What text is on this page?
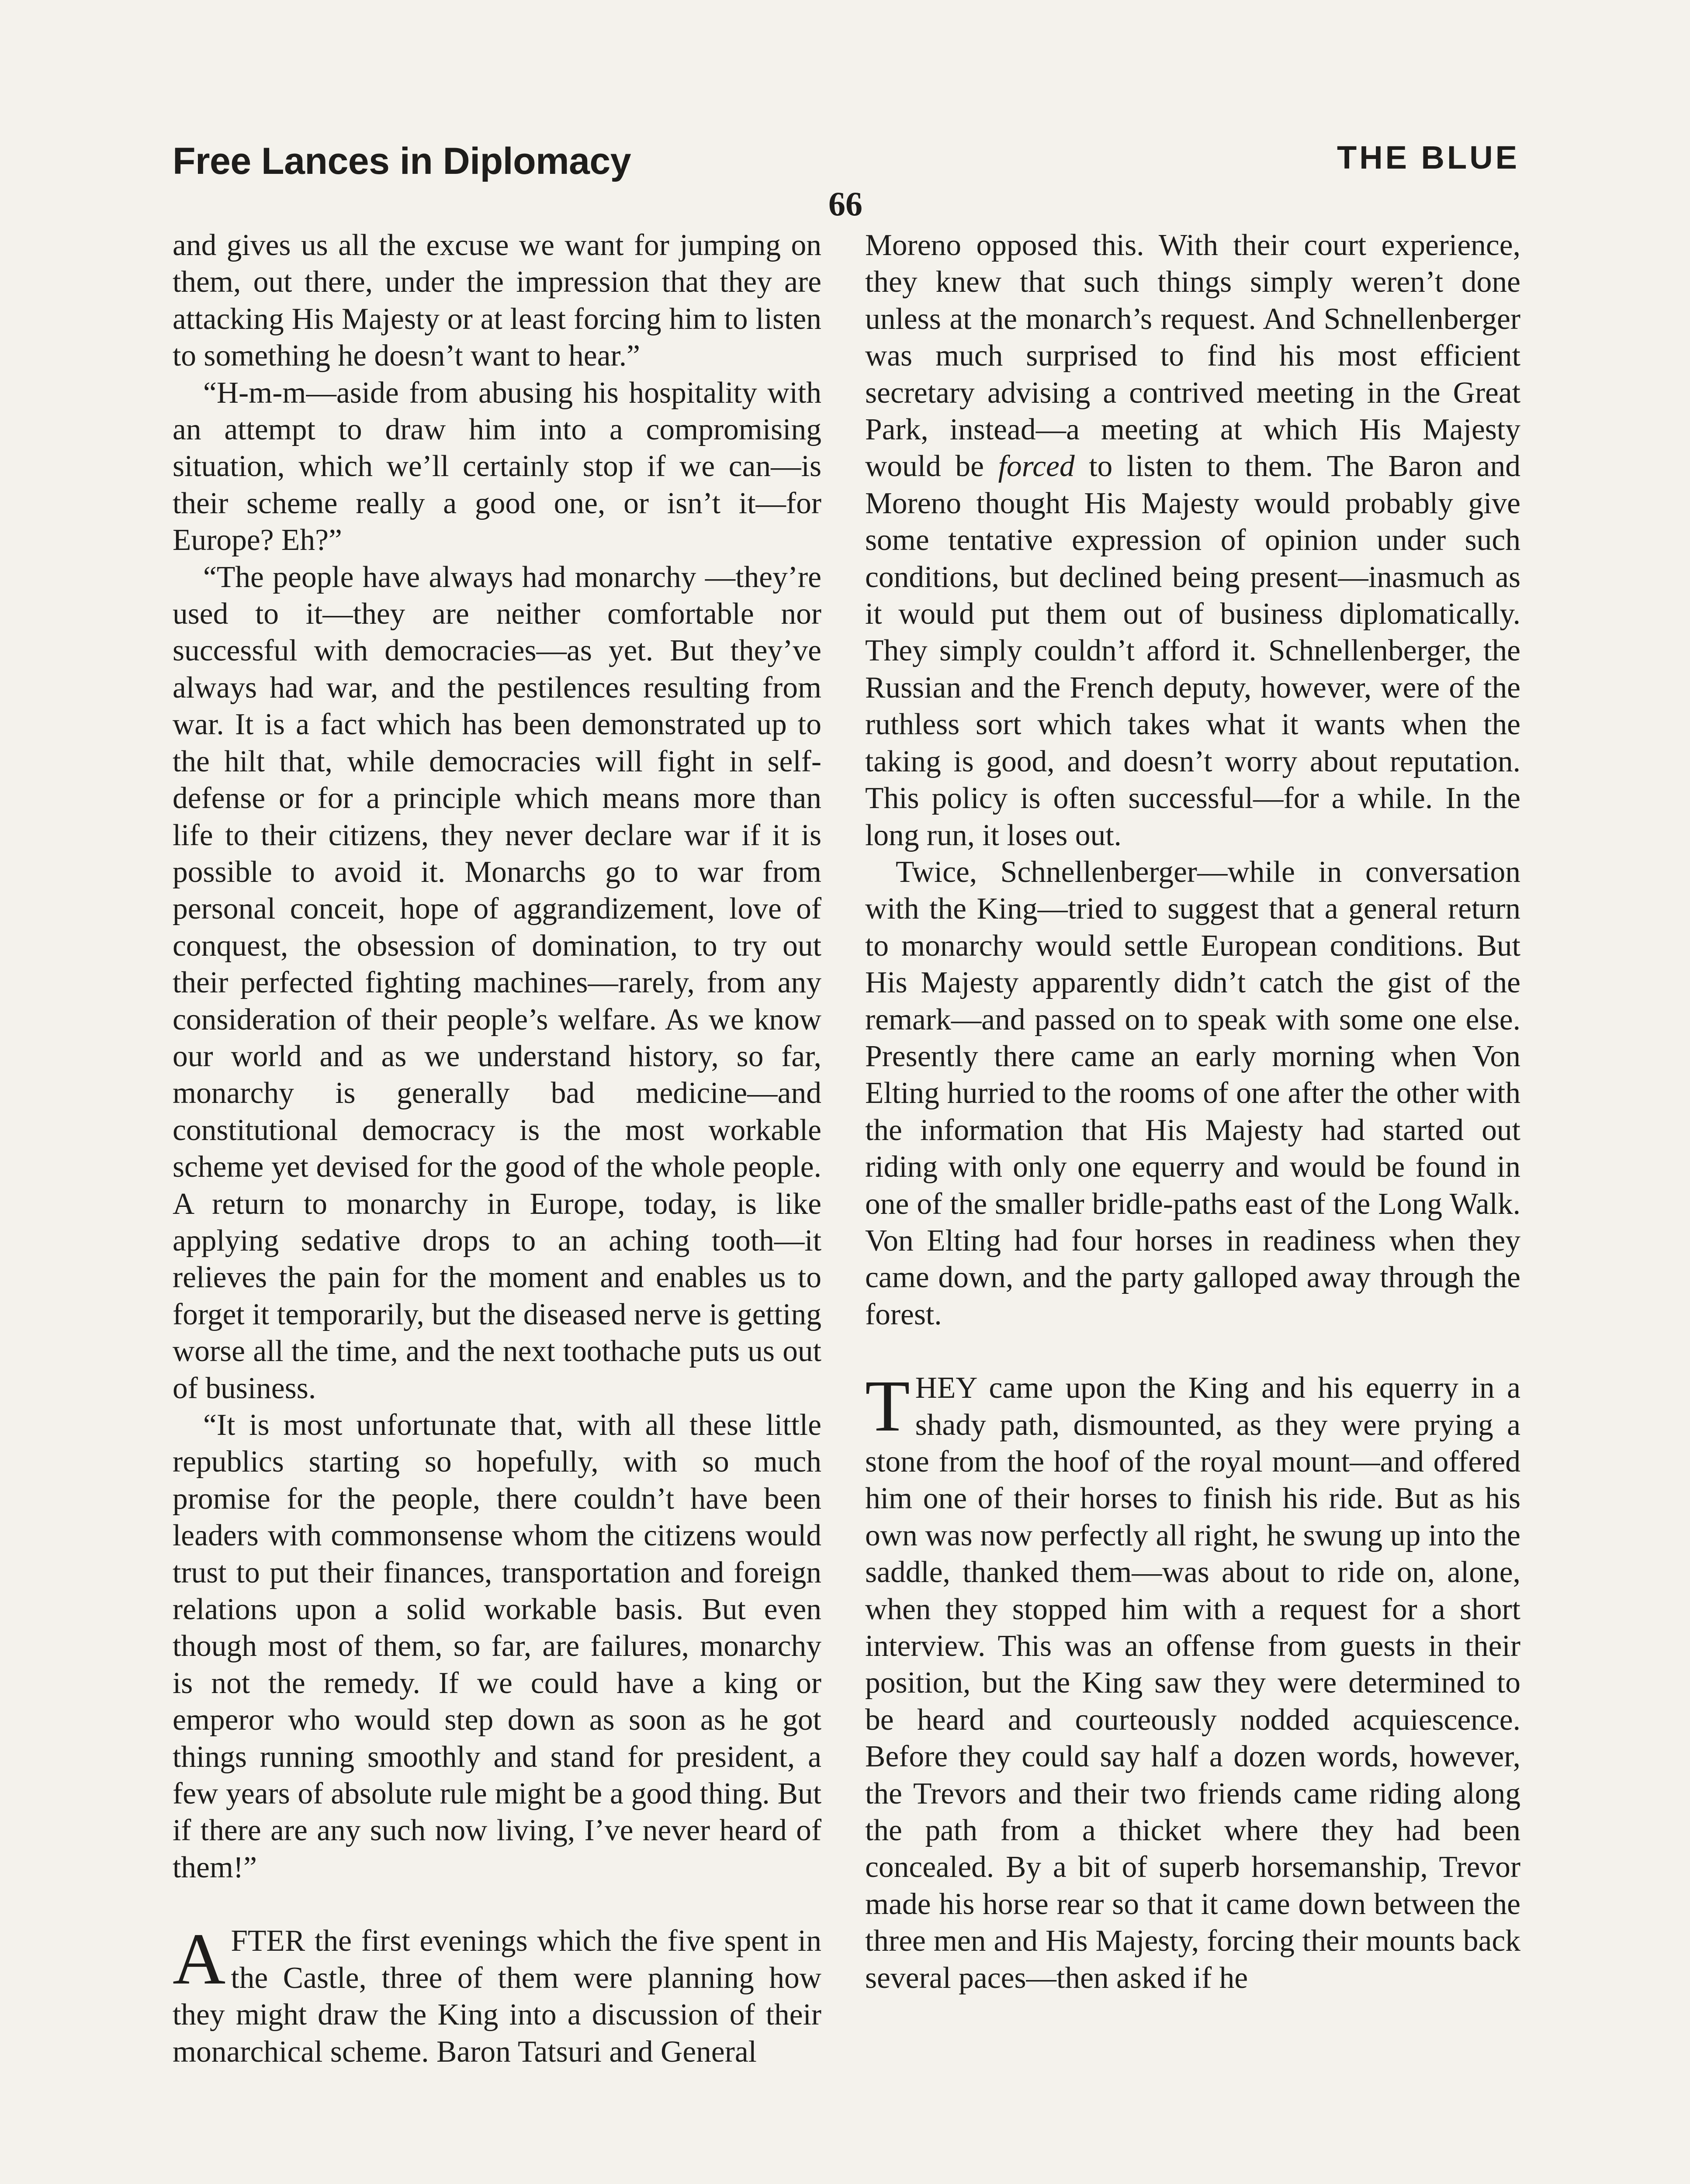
Free Lances in Diplomacy	THE BLUE
66

and gives us all the excuse we want for jumping on them, out there, under the impression that they are attacking His Majesty or at least forcing him to listen to something he doesn’t want to hear.”

“H-m-m—aside from abusing his hospitality with an attempt to draw him into a compromising situation, which we’ll certainly stop if we can—is their scheme really a good one, or isn’t it—for Europe? Eh?”

“The people have always had monarchy —they’re used to it—they are neither comfortable nor successful with democracies—as yet. But they’ve always had war, and the pestilences resulting from war. It is a fact which has been demonstrated up to the hilt that, while democracies will fight in self-defense or for a principle which means more than life to their citizens, they never declare war if it is possible to avoid it. Monarchs go to war from personal conceit, hope of aggrandizement, love of conquest, the obsession of domination, to try out their perfected fighting machines—rarely, from any consideration of their people’s welfare. As we know our world and as we understand history, so far, monarchy is generally bad medicine—and constitutional democracy is the most workable scheme yet devised for the good of the whole people. A return to monarchy in Europe, today, is like applying sedative drops to an aching tooth—it relieves the pain for the moment and enables us to forget it temporarily, but the diseased nerve is getting worse all the time, and the next toothache puts us out of business.

“It is most unfortunate that, with all these little republics starting so hopefully, with so much promise for the people, there couldn’t have been leaders with commonsense whom the citizens would trust to put their finances, transportation and foreign relations upon a solid workable basis. But even though most of them, so far, are failures, monarchy is not the remedy. If we could have a king or emperor who would step down as soon as he got things running smoothly and stand for president, a few years of absolute rule might be a good thing. But if there are any such now living, I’ve never heard of them!”

AFTER the first evenings which the five spent in the Castle, three of them were planning how they might draw the King into a discussion of their monarchical scheme. Baron Tatsuri and General

Moreno opposed this. With their court experience, they knew that such things simply weren’t done unless at the monarch’s request. And Schnellenberger was much surprised to find his most efficient secretary advising a contrived meeting in the Great Park, instead—a meeting at which His Majesty would be forced to listen to them. The Baron and Moreno thought His Majesty would probably give some tentative expression of opinion under such conditions, but declined being present—inasmuch as it would put them out of business diplomatically. They simply couldn’t afford it. Schnellenberger, the Russian and the French deputy, however, were of the ruthless sort which takes what it wants when the taking is good, and doesn’t worry about reputation. This policy is often successful—for a while. In the long run, it loses out.

Twice, Schnellenberger—while in conversation with the King—tried to suggest that a general return to monarchy would settle European conditions. But His Majesty apparently didn’t catch the gist of the remark—and passed on to speak with some one else. Presently there came an early morning when Von Elting hurried to the rooms of one after the other with the information that His Majesty had started out riding with only one equerry and would be found in one of the smaller bridle-paths east of the Long Walk. Von Elting had four horses in readiness when they came down, and the party galloped away through the forest.

THEY came upon the King and his equerry in a shady path, dismounted, as they were prying a stone from the hoof of the royal mount—and offered him one of their horses to finish his ride. But as his own was now perfectly all right, he swung up into the saddle, thanked them—was about to ride on, alone, when they stopped him with a request for a short interview. This was an offense from guests in their position, but the King saw they were determined to be heard and courteously nodded acquiescence. Before they could say half a dozen words, however, the Trevors and their two friends came riding along the path from a thicket where they had been concealed. By a bit of superb horsemanship, Trevor made his horse rear so that it came down between the three men and His Majesty, forcing their mounts back several paces—then asked if he
